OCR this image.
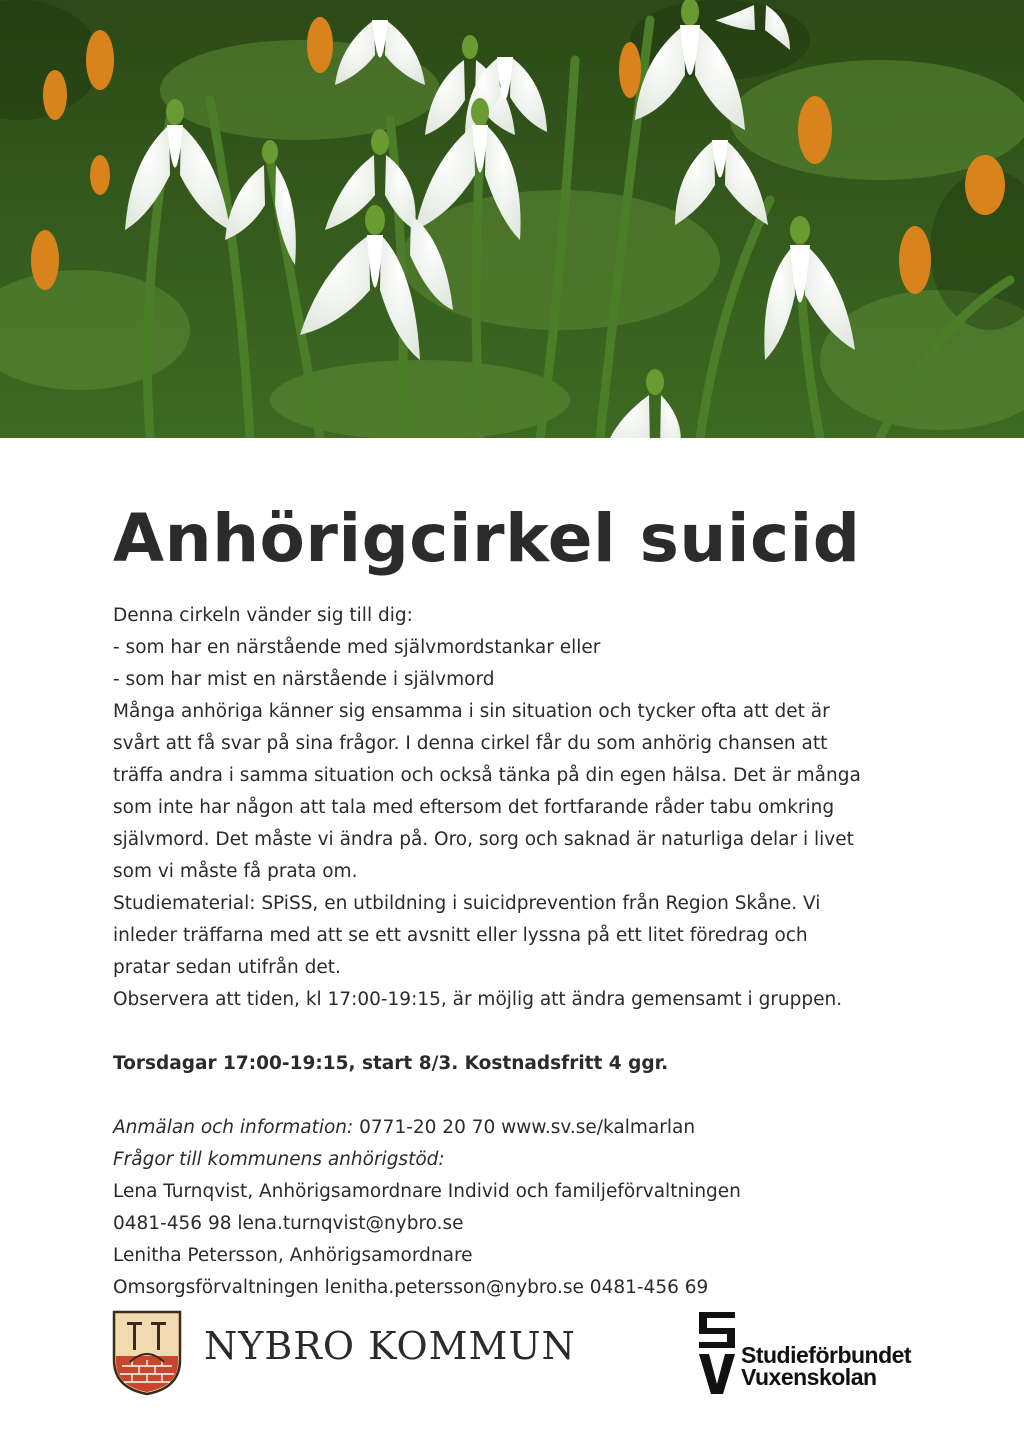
Anhörigcirkel suicid
Denna cirkeln vänder sig till dig:
- som har en närstående med självmordstankar eller
- som har mist en närstående i självmord
Många anhöriga känner sig ensamma i sin situation och tycker ofta att det är
svårt att få svar på sina frågor. I denna cirkel får du som anhörig chansen att
träffa andra i samma situation och också tänka på din egen hälsa. Det är många
som inte har någon att tala med eftersom det fortfarande råder tabu omkring
självmord. Det måste vi ändra på. Oro, sorg och saknad är naturliga delar i livet
som vi måste få prata om.
Studiematerial: SPiSS, en utbildning i suicidprevention från Region Skåne. Vi
inleder träffarna med att se ett avsnitt eller lyssna på ett litet föredrag och
pratar sedan utifrån det.
Observera att tiden, kl 17:00-19:15, är möjlig att ändra gemensamt i gruppen.
Torsdagar 17:00-19:15, start 8/3. Kostnadsfritt 4 ggr.
Anmälan och information: 0771-20 20 70 www.sv.se/kalmarlan
Frågor till kommunens anhörigstöd:
Lena Turnqvist, Anhörigsamordnare Individ och familjeförvaltningen
0481-456 98 lena.turnqvist@nybro.se
Lenitha Petersson, Anhörigsamordnare
Omsorgsförvaltningen lenitha.petersson@nybro.se 0481-456 69
NYBRO KOMMUN	Studieförbundet
Vuxenskolan
